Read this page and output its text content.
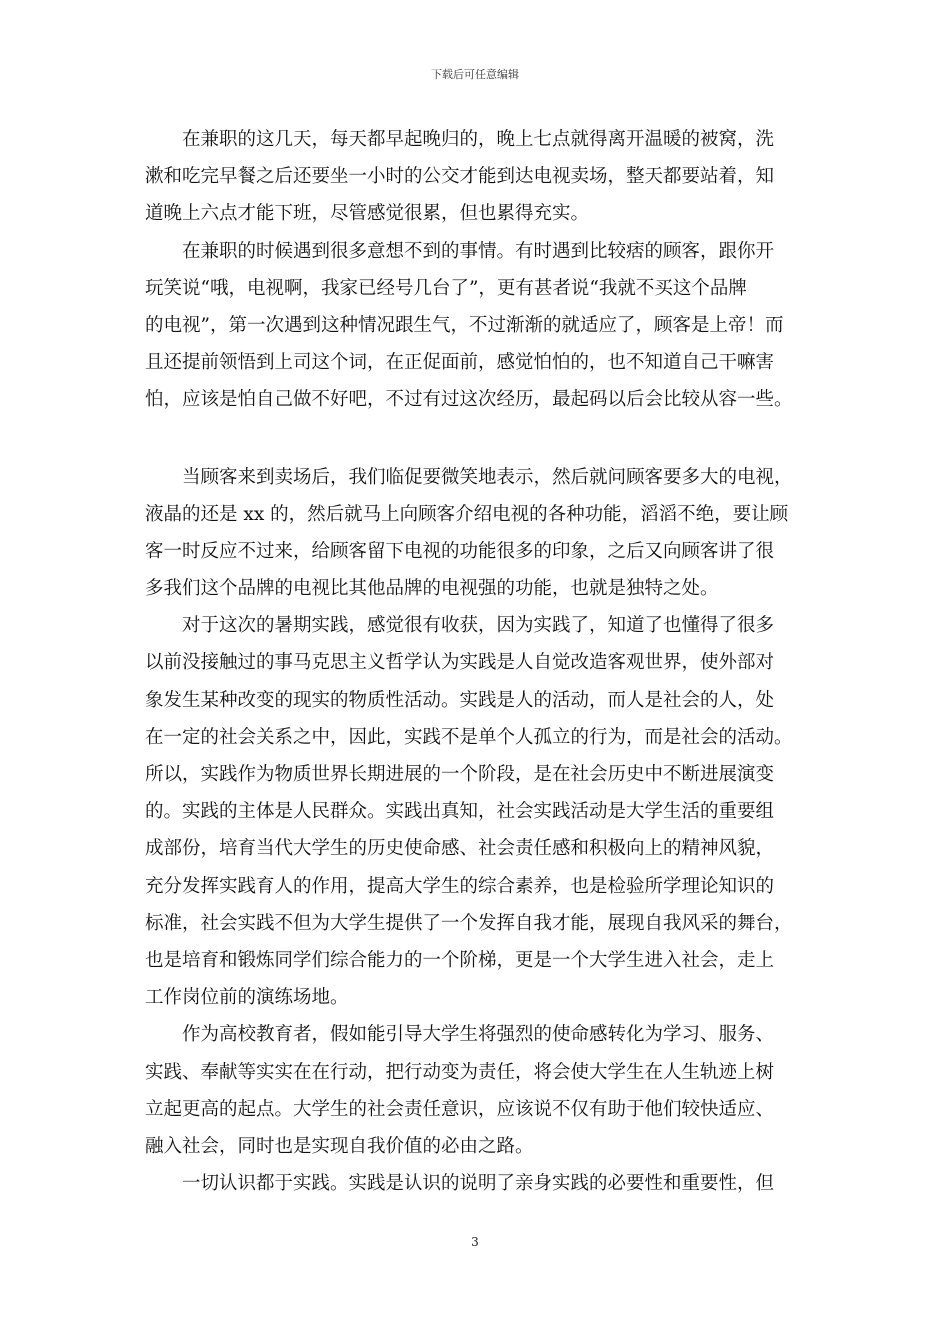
下载后可任意编辑
在兼职的这几天，每天都早起晚归的，晚上七点就得离开温暖的被窝，洗
漱和吃完早餐之后还要坐一小时的公交才能到达电视卖场，整天都要站着，知
道晚上六点才能下班，尽管感觉很累，但也累得充实。
在兼职的时候遇到很多意想不到的事情。有时遇到比较痞的顾客，跟你开
玩笑说“哦，电视啊，我家已经号几台了”，更有甚者说“我就不买这个品牌
的电视”，第一次遇到这种情况跟生气，不过渐渐的就适应了，顾客是上帝！而
且还提前领悟到上司这个词，在正促面前，感觉怕怕的，也不知道自己干嘛害
怕，应该是怕自己做不好吧，不过有过这次经历，最起码以后会比较从容一些。
当顾客来到卖场后，我们临促要微笑地表示，然后就问顾客要多大的电视，
液晶的还是 xx 的，然后就马上向顾客介绍电视的各种功能，滔滔不绝，要让顾
客一时反应不过来，给顾客留下电视的功能很多的印象，之后又向顾客讲了很
多我们这个品牌的电视比其他品牌的电视强的功能，也就是独特之处。
对于这次的暑期实践，感觉很有收获，因为实践了，知道了也懂得了很多
以前没接触过的事马克思主义哲学认为实践是人自觉改造客观世界，使外部对
象发生某种改变的现实的物质性活动。实践是人的活动，而人是社会的人，处
在一定的社会关系之中，因此，实践不是单个人孤立的行为，而是社会的活动。
所以，实践作为物质世界长期进展的一个阶段，是在社会历史中不断进展演变
的。实践的主体是人民群众。实践出真知，社会实践活动是大学生活的重要组
成部份，培育当代大学生的历史使命感、社会责任感和积极向上的精神风貌，
充分发挥实践育人的作用，提高大学生的综合素养，也是检验所学理论知识的
标准，社会实践不但为大学生提供了一个发挥自我才能，展现自我风采的舞台，
也是培育和锻炼同学们综合能力的一个阶梯，更是一个大学生进入社会，走上
工作岗位前的演练场地。
作为高校教育者，假如能引导大学生将强烈的使命感转化为学习、服务、
实践、奉献等实实在在行动，把行动变为责任，将会使大学生在人生轨迹上树
立起更高的起点。大学生的社会责任意识，应该说不仅有助于他们较快适应、
融入社会，同时也是实现自我价值的必由之路。
一切认识都于实践。实践是认识的说明了亲身实践的必要性和重要性，但
3
